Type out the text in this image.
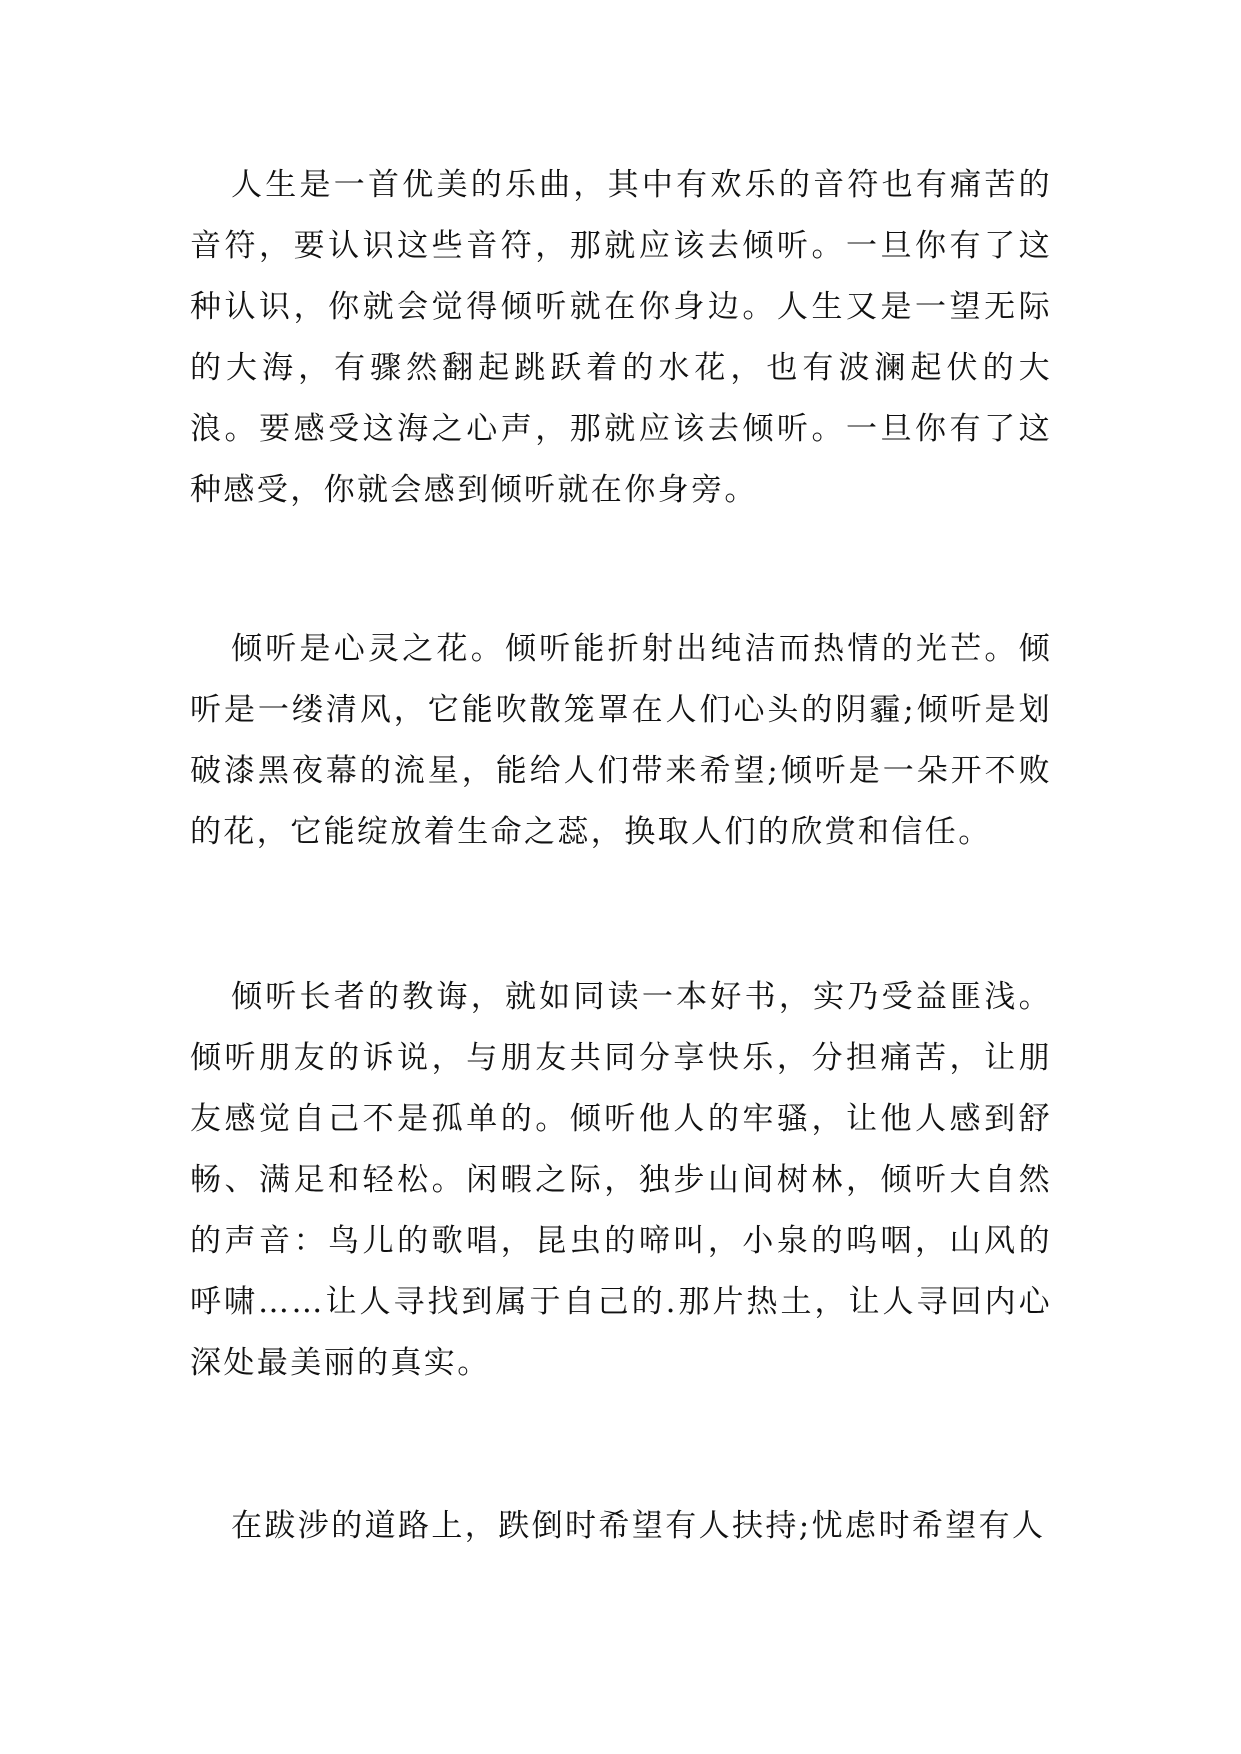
人生是一首优美的乐曲，其中有欢乐的音符也有痛苦的音符，要认识这些音符，那就应该去倾听。一旦你有了这种认识，你就会觉得倾听就在你身边。人生又是一望无际的大海，有骤然翻起跳跃着的水花，也有波澜起伏的大浪。要感受这海之心声，那就应该去倾听。一旦你有了这种感受，你就会感到倾听就在你身旁。

倾听是心灵之花。倾听能折射出纯洁而热情的光芒。倾听是一缕清风，它能吹散笼罩在人们心头的阴霾;倾听是划破漆黑夜幕的流星，能给人们带来希望;倾听是一朵开不败的花，它能绽放着生命之蕊，换取人们的欣赏和信任。

倾听长者的教诲，就如同读一本好书，实乃受益匪浅。倾听朋友的诉说，与朋友共同分享快乐，分担痛苦，让朋友感觉自己不是孤单的。倾听他人的牢骚，让他人感到舒畅、满足和轻松。闲暇之际，独步山间树林，倾听大自然的声音：鸟儿的歌唱，昆虫的啼叫，小泉的呜咽，山风的呼啸……让人寻找到属于自己的.那片热土，让人寻回内心深处最美丽的真实。

在跋涉的道路上，跌倒时希望有人扶持;忧虑时希望有人
